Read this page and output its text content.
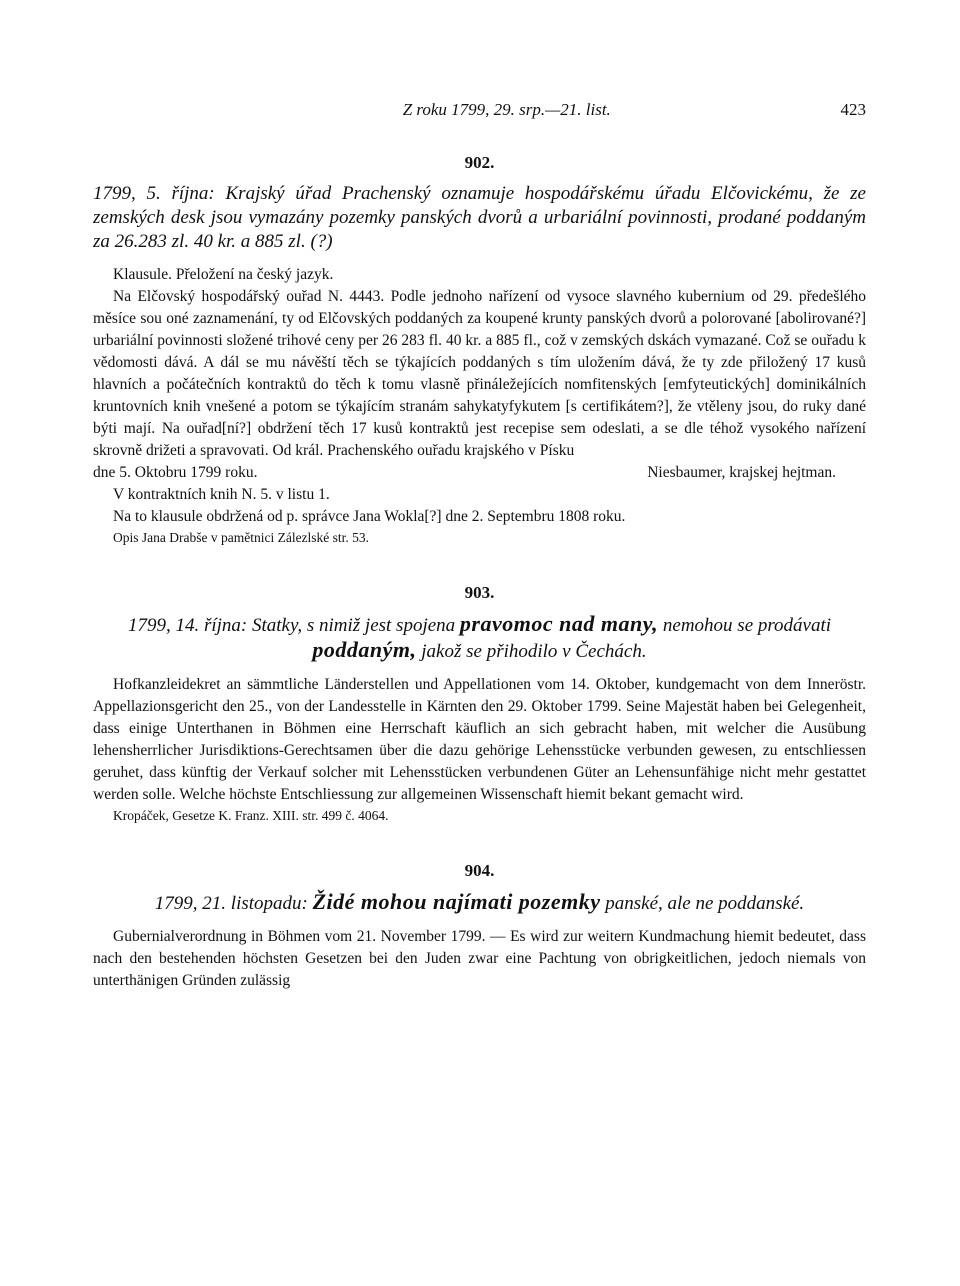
Z roku 1799, 29. srp.—21. list.	423
902.
1799, 5. října: Krajský úřad Prachenský oznamuje hospodářskému úřadu Elčovickému, že ze zemských desk jsou vymazány pozemky panských dvorů a urbariální povinnosti, prodané poddaným za 26.283 zl. 40 kr. a 885 zl. (?)

Klausule. Přeložení na český jazyk.

Na Elčovský hospodářský ouřad N. 4443. Podle jednoho nařízení od vysoce slavného kubernium od 29. předešlého měsíce sou oné zaznamenání, ty od Elčovských poddaných za koupené krunty panských dvorů a polorované [abolirované?] urbariální povinnosti složené trihové ceny per 26 283 fl. 40 kr. a 885 fl., což v zemských dskách vymazané. Což se ouřadu k vědomosti dává. A dál se mu návěští těch se týkajících poddaných s tím uložením dává, že ty zde přiložený 17 kusů hlavních a počátečních kontraktů do těch k tomu vlasně přináležejících nomfitenských [emfyteutických] dominikálních kruntovních knih vnešené a potom se týkajícím stranám sahykatyfykutem [s certifikátem?], že vtěleny jsou, do ruky dané býti mají. Na ouřad[ní?] obdržení těch 17 kusů kontraktů jest recepise sem odeslati, a se dle téhož vysokého nařízení skrovně drižeti a spravovati. Od král. Prachenského ouřadu krajského v Písku

dne 5. Oktobru 1799 roku.	Niesbaumer, krajskej hejtman.

V kontraktních knih N. 5. v listu 1.

Na to klausule obdržená od p. správce Jana Wokla[?] dne 2. Septembru 1808 roku.

Opis Jana Drabše v pamětnici Zálezlské str. 53.

903.
1799, 14. října: Statky, s nimiž jest spojena pravomoc nad many, nemohou se prodávati poddaným, jakož se přihodilo v Čechách.

Hofkanzleidekret an sämmtliche Länderstellen und Appellationen vom 14. Oktober, kundgemacht von dem Inneröstr. Appellazionsgericht den 25., von der Landesstelle in Kärnten den 29. Oktober 1799. Seine Majestät haben bei Gelegenheit, dass einige Unterthanen in Böhmen eine Herrschaft käuflich an sich gebracht haben, mit welcher die Ausübung lehensherrlicher Jurisdiktions-Gerechtsamen über die dazu gehörige Lehensstücke verbunden gewesen, zu entschliessen geruhet, dass künftig der Verkauf solcher mit Lehensstücken verbundenen Güter an Lehensunfähige nicht mehr gestattet werden solle. Welche höchste Entschliessung zur allgemeinen Wissenschaft hiemit bekant gemacht wird.

Kropáček, Gesetze K. Franz. XIII. str. 499 č. 4064.

904.
1799, 21. listopadu: Židé mohou najímati pozemky panské, ale ne poddanské.

Gubernialverordnung in Böhmen vom 21. November 1799. — Es wird zur weitern Kundmachung hiemit bedeutet, dass nach den bestehenden höchsten Gesetzen bei den Juden zwar eine Pachtung von obrigkeitlichen, jedoch niemals von unterthänigen Gründen zulässig
